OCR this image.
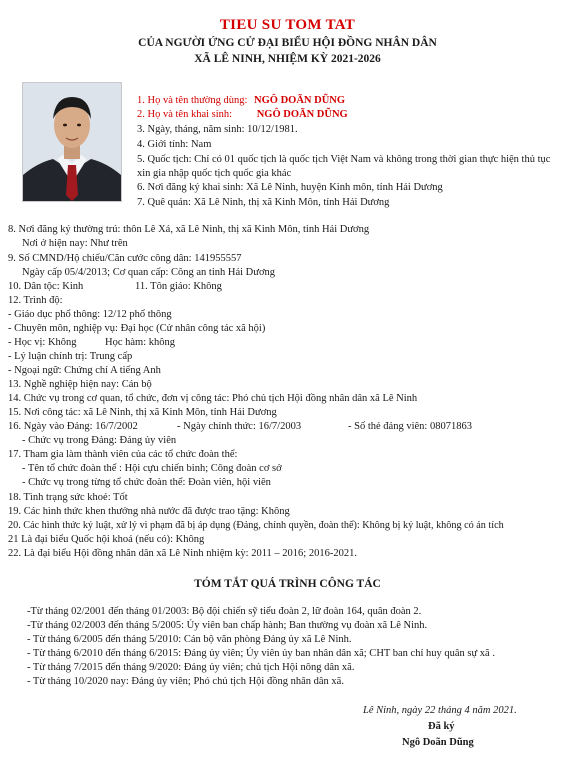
TIEU SU TOM TAT
CỦA NGƯỜI ỨNG CỬ ĐẠI BIỂU HỘI ĐỒNG NHÂN DÂN
XÃ LÊ NINH, NHIỆM KỲ 2021-2026
1. Họ và tên thường dùng: NGÔ DOÃN DŨNG
2. Họ và tên khai sinh: NGÔ DOÃN DŨNG
3. Ngày, tháng, năm sinh: 10/12/1981.
4. Giới tính: Nam
5. Quốc tịch: Chỉ có 01 quốc tịch là quốc tịch Việt Nam và không trong thời gian thực hiện thủ tục
xin gia nhập quốc tịch quốc gia khác
6. Nơi đăng ký khai sinh: Xã Lê Ninh, huyện Kinh môn, tỉnh Hải Dương
7. Quê quán: Xã Lê Ninh, thị xã Kinh Môn, tỉnh Hải Dương
8. Nơi đăng ký thường trú: thôn Lê Xá, xã Lê Ninh, thị xã Kinh Môn, tỉnh Hải Dương
Nơi ở hiện nay: Như trên
9. Số CMND/Hộ chiếu/Căn cước công dân: 141955557
Ngày cấp 05/4/2013; Cơ quan cấp: Công an tỉnh Hải Dương
10. Dân tộc: Kinh	11. Tôn giáo: Không
12. Trình độ:
- Giáo dục phổ thông: 12/12 phổ thông
- Chuyên môn, nghiệp vụ: Đại học (Cử nhân công tác xã hội)
- Học vị: Không	Học hàm: không
- Lý luận chính trị: Trung cấp
- Ngoại ngữ: Chứng chỉ A tiếng Anh
13. Nghề nghiệp hiện nay: Cán bộ
14. Chức vụ trong cơ quan, tổ chức, đơn vị công tác: Phó chủ tịch Hội đồng nhân dân xã Lê Ninh
15. Nơi công tác: xã Lê Ninh, thị xã Kinh Môn, tỉnh Hải Dương
16. Ngày vào Đảng: 16/7/2002	- Ngày chính thức: 16/7/2003	- Số thẻ đảng viên: 08071863
- Chức vụ trong Đảng: Đảng ủy viên
17. Tham gia làm thành viên của các tổ chức đoàn thể:
- Tên tổ chức đoàn thể : Hội cựu chiến binh; Công đoàn cơ sở
- Chức vụ trong từng tổ chức đoàn thể: Đoàn viên, hội viên
18. Tình trạng sức khoẻ: Tốt
19. Các hình thức khen thưởng nhà nước đã được trao tặng: Không
20. Các hình thức kỷ luật, xử lý vi phạm đã bị áp dụng (Đảng, chính quyền, đoàn thể): Không bị kỷ luật, không có án tích
21 Là đại biểu Quốc hội khoá (nếu có): Không
22. Là đại biểu Hội đồng nhân dân xã Lê Ninh nhiệm kỳ: 2011 – 2016; 2016-2021.
TÓM TẮT QUÁ TRÌNH CÔNG TÁC
-Từ tháng 02/2001 đến tháng 01/2003: Bộ đội chiến sỹ tiểu đoàn 2, lữ đoàn 164, quân đoàn 2.
-Từ tháng 02/2003 đến tháng 5/2005: Ủy viên ban chấp hành; Ban thường vụ đoàn xã Lê Ninh.
- Từ tháng 6/2005 đến tháng 5/2010: Cán bộ văn phòng Đảng ủy xã Lê Ninh.
- Từ tháng 6/2010 đến tháng 6/2015: Đảng ủy viên; Ủy viên ủy ban nhân dân xã; CHT ban chỉ huy quân sự xã .
- Từ tháng 7/2015 đến tháng 9/2020: Đảng ủy viên; chủ tịch Hội nông dân xã.
- Từ tháng 10/2020 nay: Đảng ủy viên; Phó chủ tịch Hội đồng nhân dân xã.
Lê Ninh, ngày 22 tháng 4 năm 2021.
Đã ký
Ngô Doãn Dũng
